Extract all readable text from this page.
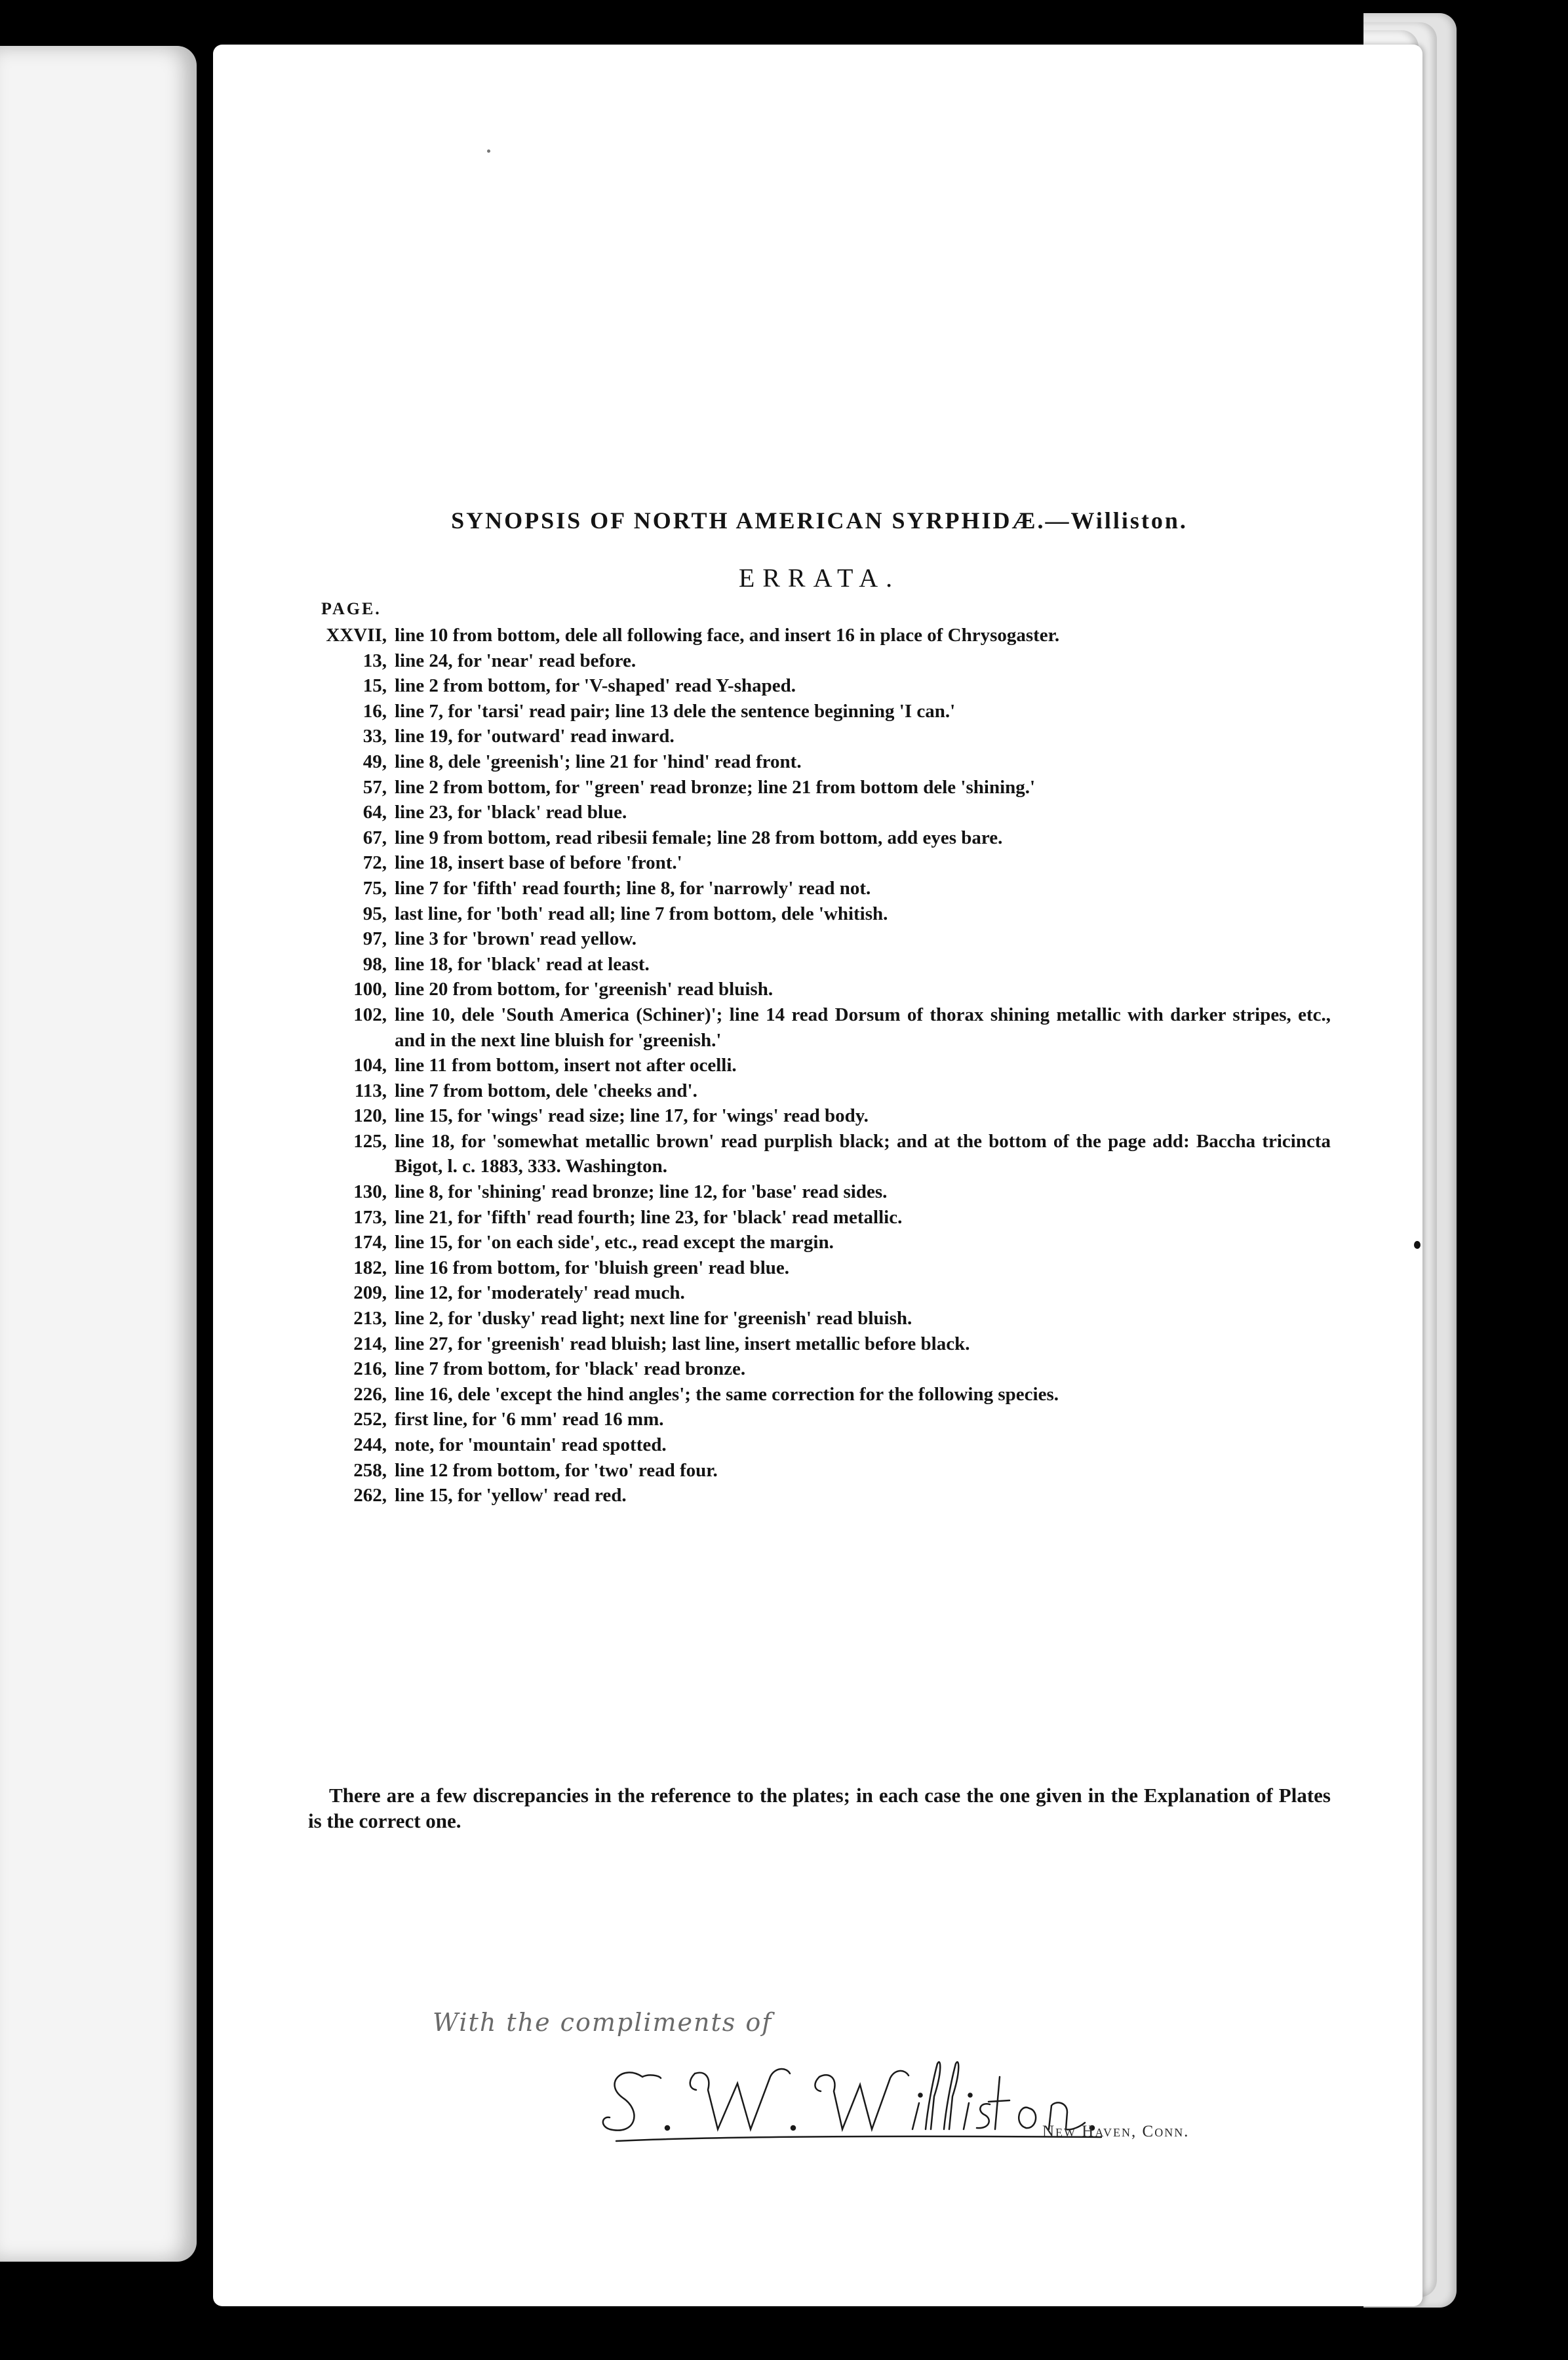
SYNOPSIS OF NORTH AMERICAN SYRPHIDÆ.—Williston.
ERRATA.
PAGE.
XXVII, line 10 from bottom, dele all following face, and insert 16 in place of Chrysogaster.
13, line 24, for 'near' read before.
15, line 2 from bottom, for 'V-shaped' read Y-shaped.
16, line 7, for 'tarsi' read pair; line 13 dele the sentence beginning 'I can.'
33, line 19, for 'outward' read inward.
49, line 8, dele 'greenish'; line 21 for 'hind' read front.
57, line 2 from bottom, for "green' read bronze; line 21 from bottom dele 'shining.'
64, line 23, for 'black' read blue.
67, line 9 from bottom, read ribesii female; line 28 from bottom, add eyes bare.
72, line 18, insert base of before 'front.'
75, line 7 for 'fifth' read fourth; line 8, for 'narrowly' read not.
95, last line, for 'both' read all; line 7 from bottom, dele 'whitish.
97, line 3 for 'brown' read yellow.
98, line 18, for 'black' read at least.
100, line 20 from bottom, for 'greenish' read bluish.
102, line 10, dele 'South America (Schiner)'; line 14 read Dorsum of thorax shining metallic with darker stripes, etc., and in the next line bluish for 'greenish.'
104, line 11 from bottom, insert not after ocelli.
113, line 7 from bottom, dele 'cheeks and'.
120, line 15, for 'wings' read size; line 17, for 'wings' read body.
125, line 18, for 'somewhat metallic brown' read purplish black; and at the bottom of the page add: Baccha tricincta Bigot, l. c. 1883, 333. Washington.
130, line 8, for 'shining' read bronze; line 12, for 'base' read sides.
173, line 21, for 'fifth' read fourth; line 23, for 'black' read metallic.
174, line 15, for 'on each side', etc., read except the margin.
182, line 16 from bottom, for 'bluish green' read blue.
209, line 12, for 'moderately' read much.
213, line 2, for 'dusky' read light; next line for 'greenish' read bluish.
214, line 27, for 'greenish' read bluish; last line, insert metallic before black.
216, line 7 from bottom, for 'black' read bronze.
226, line 16, dele 'except the hind angles'; the same correction for the following species.
252, first line, for '6 mm' read 16 mm.
244, note, for 'mountain' read spotted.
258, line 12 from bottom, for 'two' read four.
262, line 15, for 'yellow' read red.

There are a few discrepancies in the reference to the plates; in each case the one given in the Explanation of Plates is the correct one.

With the compliments of
New Haven, Conn.
